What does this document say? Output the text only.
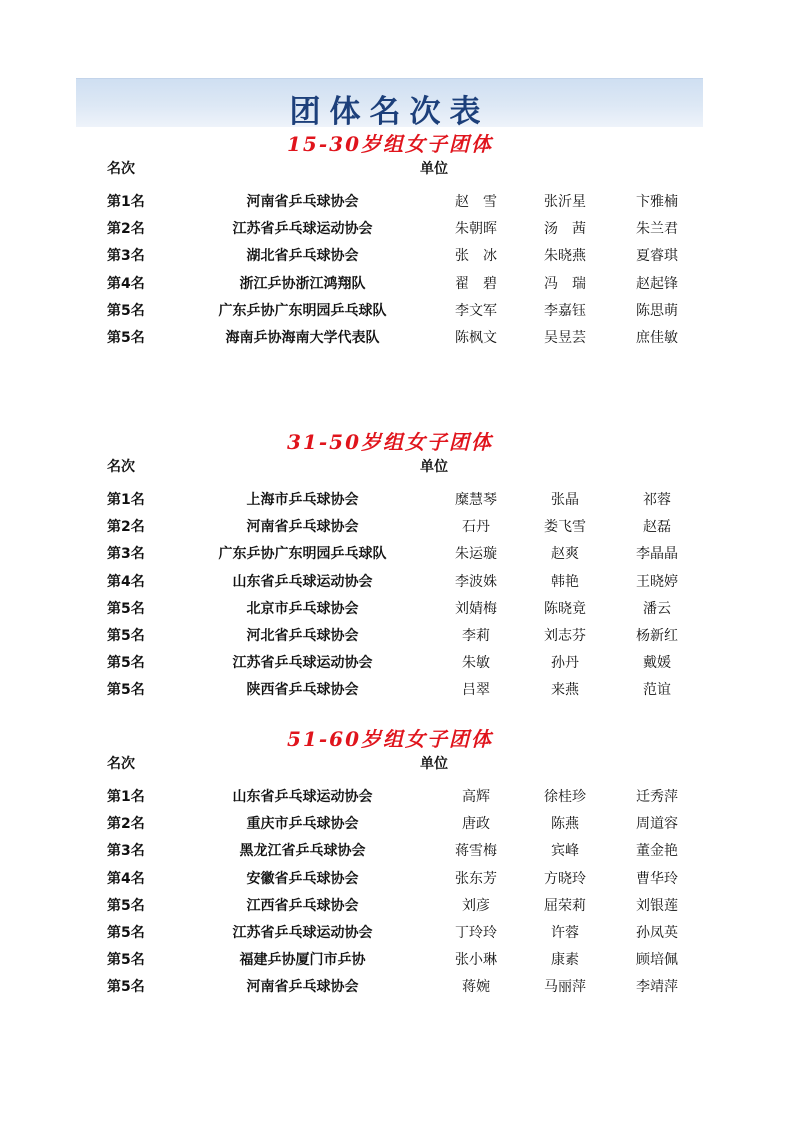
团体名次表
15-30岁组女子团体
名次	单位
第1名	河南省乒乓球协会	赵　雪	张沂星	卞雅楠
第2名	江苏省乒乓球运动协会	朱朝晖	汤　茜	朱兰君
第3名	湖北省乒乓球协会	张　冰	朱晓燕	夏睿琪
第4名	浙江乒协浙江鸿翔队	翟　碧	冯　瑞	赵起锋
第5名	广东乒协广东明园乒乓球队	李文军	李嘉钰	陈思萌
第5名	海南乒协海南大学代表队	陈枫文	吴昱芸	庶佳敏
31-50岁组女子团体
名次	单位
第1名	上海市乒乓球协会	糜慧琴	张晶	祁蓉
第2名	河南省乒乓球协会	石丹	娄飞雪	赵磊
第3名	广东乒协广东明园乒乓球队	朱运璇	赵爽	李晶晶
第4名	山东省乒乓球运动协会	李波姝	韩艳	王晓婷
第5名	北京市乒乓球协会	刘婧梅	陈晓竟	潘云
第5名	河北省乒乓球协会	李莉	刘志芬	杨新红
第5名	江苏省乒乓球运动协会	朱敏	孙丹	戴媛
第5名	陕西省乒乓球协会	吕翠	来燕	范谊
51-60岁组女子团体
名次	单位
第1名	山东省乒乓球运动协会	高辉	徐桂珍	迁秀萍
第2名	重庆市乒乓球协会	唐政	陈燕	周道容
第3名	黑龙江省乒乓球协会	蒋雪梅	宾峰	董金艳
第4名	安徽省乒乓球协会	张东芳	方晓玲	曹华玲
第5名	江西省乒乓球协会	刘彦	屈荣莉	刘银莲
第5名	江苏省乒乓球运动协会	丁玲玲	许蓉	孙凤英
第5名	福建乒协厦门市乒协	张小琳	康素	顾培佩
第5名	河南省乒乓球协会	蒋婉	马丽萍	李靖萍
